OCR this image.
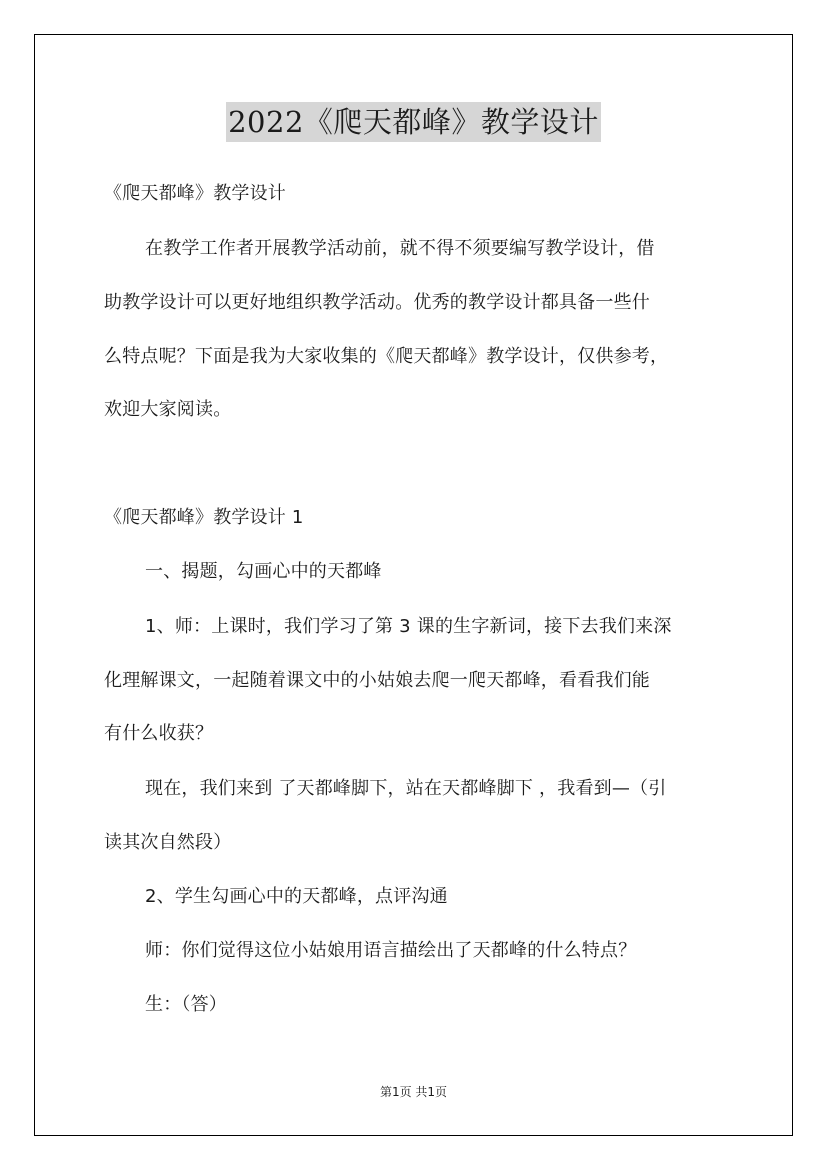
2022《爬天都峰》教学设计
《爬天都峰》教学设计
在教学工作者开展教学活动前，就不得不须要编写教学设计，借
助教学设计可以更好地组织教学活动。优秀的教学设计都具备一些什
么特点呢？下面是我为大家收集的《爬天都峰》教学设计，仅供参考，
欢迎大家阅读。
《爬天都峰》教学设计 1
一、揭题，勾画心中的天都峰
1、师：上课时，我们学习了第 3 课的生字新词，接下去我们来深
化理解课文，一起随着课文中的小姑娘去爬一爬天都峰，看看我们能
有什么收获？
现在，我们来到 了天都峰脚下，站在天都峰脚下 ，我看到—（引
读其次自然段）
2、学生勾画心中的天都峰，点评沟通
师：你们觉得这位小姑娘用语言描绘出了天都峰的什么特点？
生：（答）
第1页 共1页
